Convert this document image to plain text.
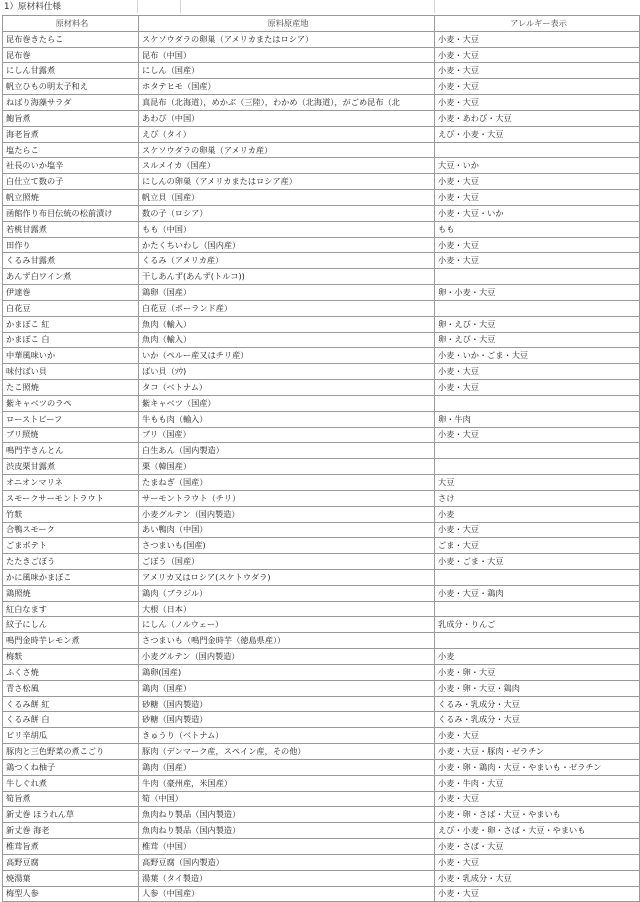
1）原材料仕様
原材料名	原料原産地	アレルギー表示
昆布巻きたらこ	スケソウダラの卵巣（アメリカまたはロシア）	小麦・大豆
昆布巻	昆布（中国）	小麦・大豆
にしん甘露煮	にしん（国産）	小麦・大豆
帆立ひもの明太子和え	ホタテヒモ（国産）	小麦・大豆
ねばり海藻サラダ	真昆布（北海道），めかぶ（三陸），わかめ（北海道），がごめ昆布（北	小麦・大豆
鮑旨煮	あわび（中国）	小麦・あわび・大豆
海老旨煮	えび（タイ）	えび・小麦・大豆
塩たらこ	スケソウダラの卵巣（アメリカ産）	
社長のいか塩辛	スルメイカ（国産）	大豆・いか
白仕立て数の子	にしんの卵巣（アメリカまたはロシア産）	小麦・大豆
帆立照焼	帆立貝（国産）	小麦・大豆
函館作り布目伝統の松前漬け	数の子（ロシア）	小麦・大豆・いか
若桃甘露煮	もも（中国）	もも
田作り	かたくちいわし（国内産）	小麦・大豆
くるみ甘露煮	くるみ（アメリカ産）	小麦・大豆
あんず白ワイン煮	干しあんず(あんず(トルコ))	
伊達巻	鶏卵（国産）	卵・小麦・大豆
白花豆	白花豆（ポーランド産）	
かまぼこ 紅	魚肉（輸入）	卵・えび・大豆
かまぼこ 白	魚肉（輸入）	卵・えび・大豆
中華風味いか	いか（ペルー産又はチリ産）	小麦・いか・ごま・大豆
味付ばい貝	ばい貝（ｿｳ)	小麦・大豆
たこ照焼	タコ（ベトナム）	小麦・大豆
紫キャベツのラペ	紫キャベツ（国産）	
ローストビーフ	牛もも肉（輸入）	卵・牛肉
ブリ照焼	ブリ（国産）	小麦・大豆
鳴門芋きんとん	白生あん（国内製造）	
渋皮栗甘露煮	栗（韓国産）	
オニオンマリネ	たまねぎ（国産）	大豆
スモークサーモントラウト	サーモントラウト（チリ）	さけ
竹麩	小麦グルテン（国内製造）	小麦
合鴨スモーク	あい鴨肉（中国）	小麦・大豆
ごまポテト	さつまいも(国産)	ごま・大豆
たたきごぼう	ごぼう（国産）	小麦・ごま・大豆
かに風味かまぼこ	アメリカ又はロシア(スケトウダラ)	
鶏照焼	鶏肉（ブラジル）	小麦・大豆・鶏肉
紅白なます	大根（日本）	
紋子にしん	にしん（ノルウェー）	乳成分・りんご
鳴門金時芋レモン煮	さつまいも（鳴門金時芋（徳島県産））	
梅麩	小麦グルテン（国内製造）	小麦
ふくさ焼	鶏卵(国産)	小麦・卵・大豆
青さ松風	鶏肉（国産）	小麦・卵・大豆・鶏肉
くるみ餅 紅	砂糖（国内製造）	くるみ・乳成分・大豆
くるみ餅 白	砂糖（国内製造）	くるみ・乳成分・大豆
ピリ辛胡瓜	きゅうり（ベトナム）	小麦・大豆
豚肉と三色野菜の煮こごり	豚肉（デンマーク産，スペイン産，その他）	小麦・大豆・豚肉・ゼラチン
鶏つくね柚子	鶏肉（国産）	小麦・卵・鶏肉・大豆・やまいも・ゼラチン
牛しぐれ煮	牛肉（豪州産，米国産）	小麦・牛肉・大豆
筍旨煮	筍（中国）	小麦・大豆
新丈巻 ほうれん草	魚肉ねり製品（国内製造）	小麦・卵・さば・大豆・やまいも
新丈巻 海老	魚肉ねり製品（国内製造）	えび・小麦・卵・さば・大豆・やまいも
椎茸旨煮	椎茸（中国）	小麦・さば・大豆
高野豆腐	高野豆腐（国内製造）	小麦・大豆
焼湯葉	湯葉（タイ製造）	小麦・乳成分・大豆
梅型人参	人参（中国産）	小麦・大豆
